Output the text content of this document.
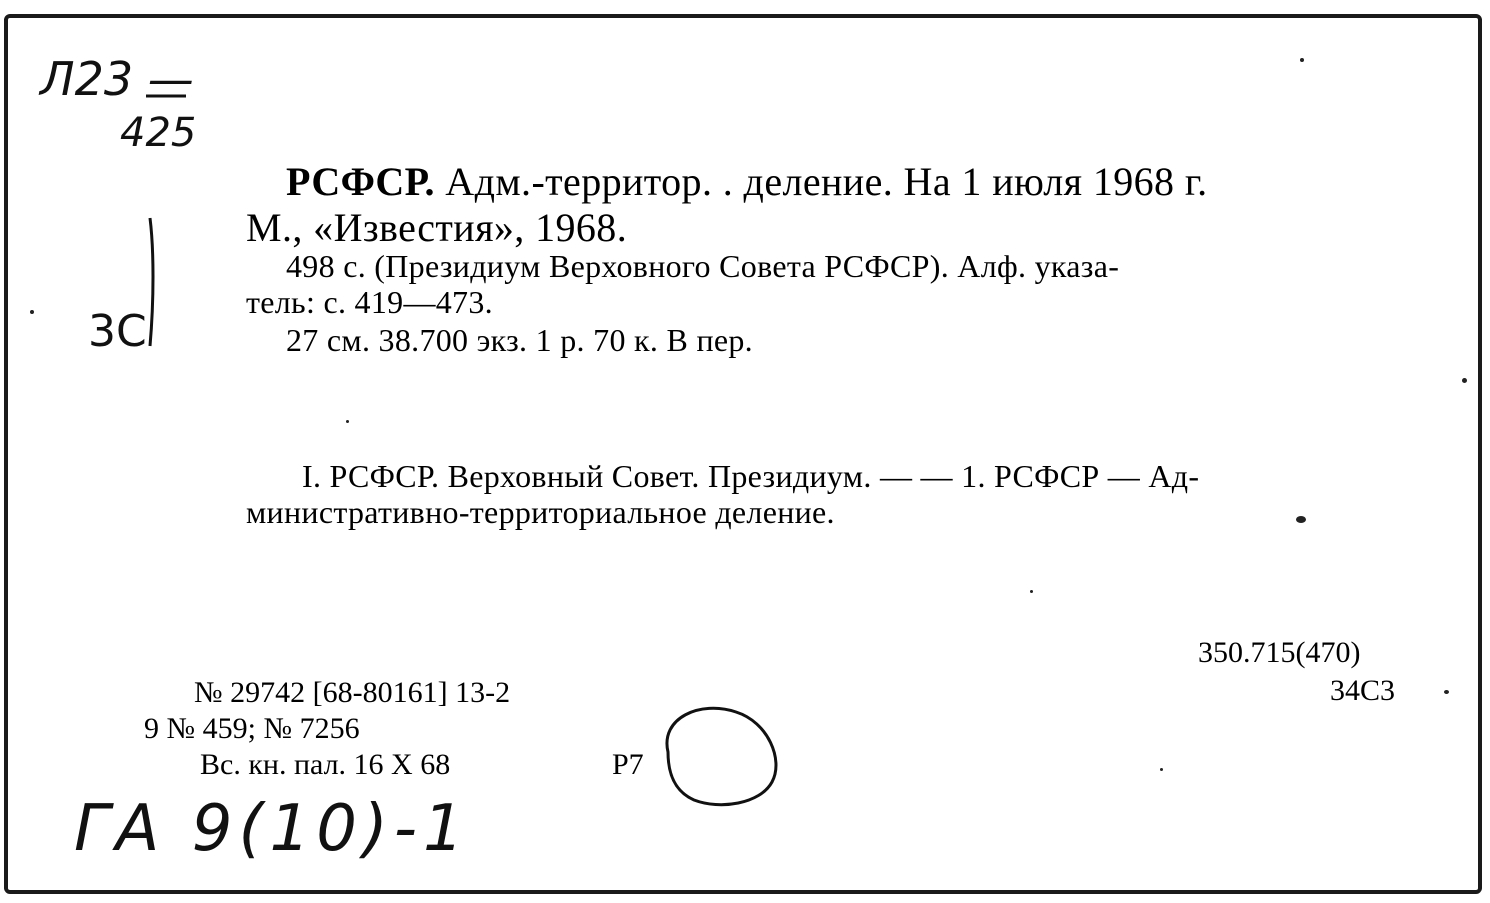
Л23 —
425
3С
ГА 9(10)-1
РСФСР. Адм.-территор. . деление. На 1 июля 1968 г.
М., «Известия», 1968.
498 с. (Президиум Верховного Совета РСФСР). Алф. указа-
тель: с. 419—473.
27 см. 38.700 экз. 1 р. 70 к. В пер.
I. РСФСР. Верховный Совет. Президиум. — — 1. РСФСР — Ад-
министративно-территориальное деление.
350.715(470)
34С3
№ 29742 [68-80161] 13-2
9 № 459; № 7256
Вс. кн. пал. 16 X 68	Р7
